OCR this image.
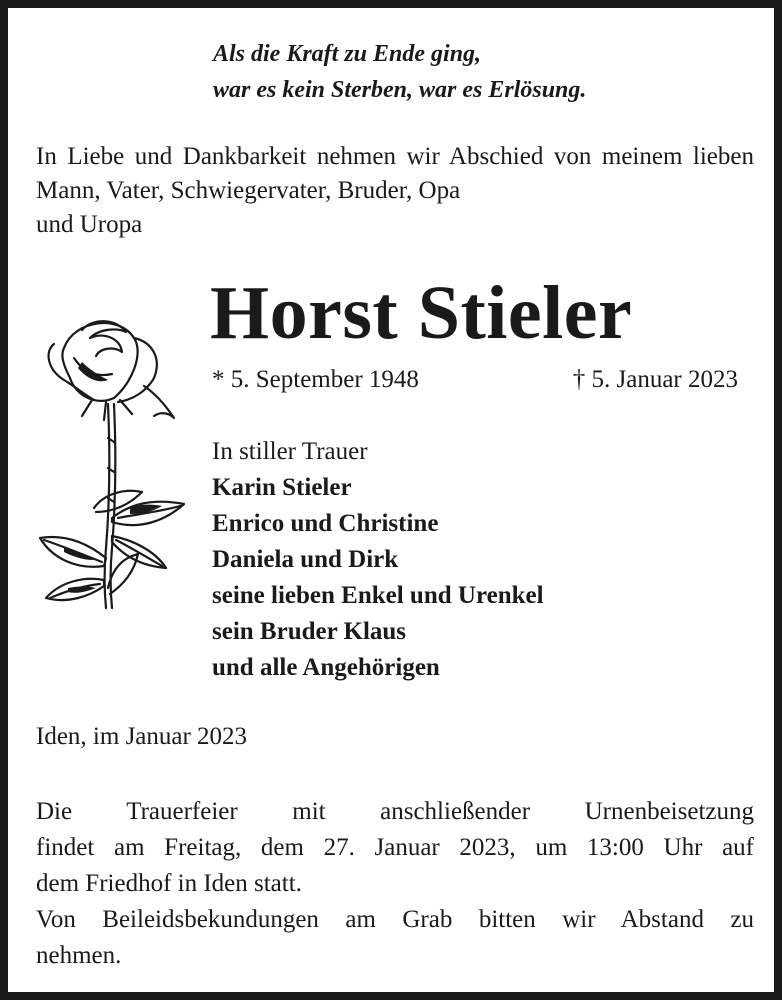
Als die Kraft zu Ende ging,
war es kein Sterben, war es Erlösung.
In Liebe und Dankbarkeit nehmen wir Abschied von meinem lieben Mann, Vater, Schwiegervater, Bruder, Opa
und Uropa
Horst Stieler
* 5. September 1948	† 5. Januar 2023
In stiller Trauer
Karin Stieler
Enrico und Christine
Daniela und Dirk
seine lieben Enkel und Urenkel
sein Bruder Klaus
und alle Angehörigen
Iden, im Januar 2023
Die Trauerfeier mit anschließender Urnenbeisetzung
findet am Freitag, dem 27. Januar 2023, um 13:00 Uhr auf
dem Friedhof in Iden statt.
Von Beileidsbekundungen am Grab bitten wir Abstand zu
nehmen.
